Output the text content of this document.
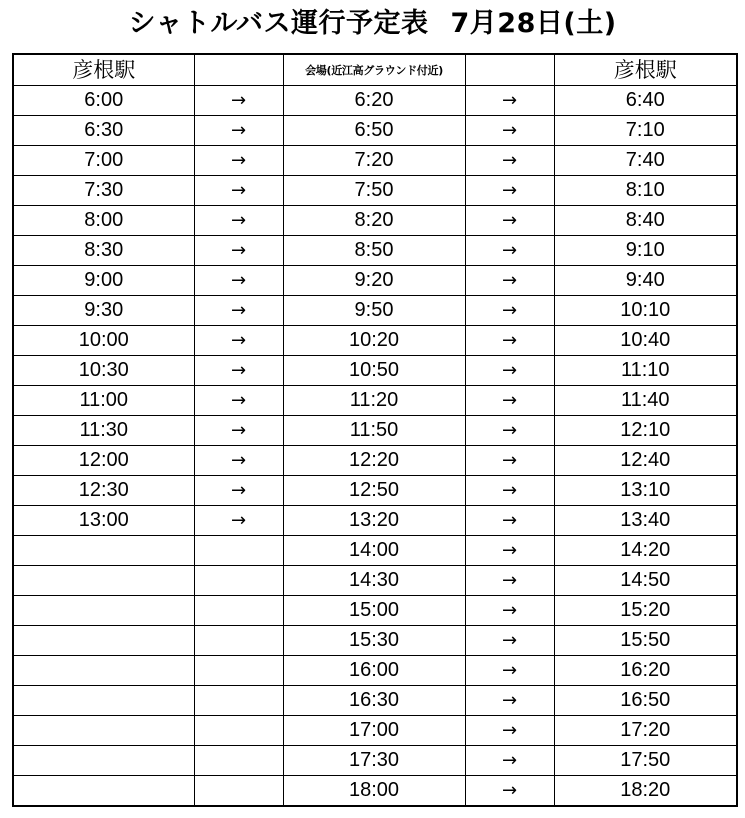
シャトルバス運行予定表 7月28日(土)
彦根駅		会場(近江高グラウンド付近)		彦根駅
6:00	→	6:20	→	6:40
6:30	→	6:50	→	7:10
7:00	→	7:20	→	7:40
7:30	→	7:50	→	8:10
8:00	→	8:20	→	8:40
8:30	→	8:50	→	9:10
9:00	→	9:20	→	9:40
9:30	→	9:50	→	10:10
10:00	→	10:20	→	10:40
10:30	→	10:50	→	11:10
11:00	→	11:20	→	11:40
11:30	→	11:50	→	12:10
12:00	→	12:20	→	12:40
12:30	→	12:50	→	13:10
13:00	→	13:20	→	13:40
		14:00	→	14:20
		14:30	→	14:50
		15:00	→	15:20
		15:30	→	15:50
		16:00	→	16:20
		16:30	→	16:50
		17:00	→	17:20
		17:30	→	17:50
		18:00	→	18:20
